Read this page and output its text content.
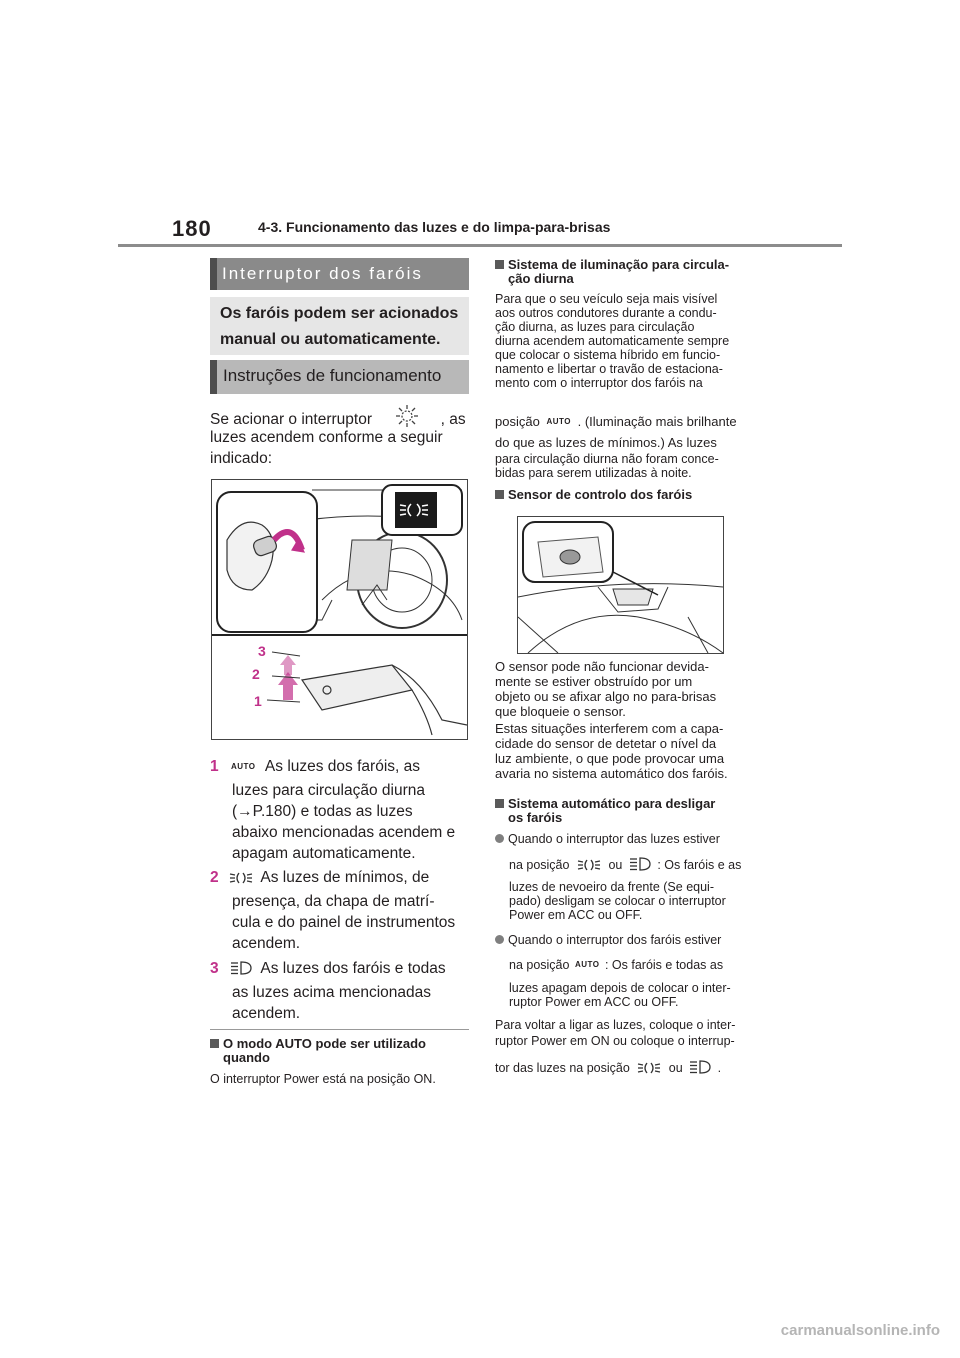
180	4-3. Funcionamento das luzes e do limpa-para-brisas
Interruptor dos faróis
Os faróis podem ser acionados manual ou automaticamente.
Instruções de funcionamento
Se acionar o interruptor	, as
luzes acendem conforme a seguir
indicado:
3
2
1
1 AUTO As luzes dos faróis, as
luzes para circulação diurna
(→P.180) e todas as luzes
abaixo mencionadas acendem e
apagam automaticamente.
2	As luzes de mínimos, de
presença, da chapa de matrí-
cula e do painel de instrumentos
acendem.
3	As luzes dos faróis e todas
as luzes acima mencionadas
acendem.
O modo AUTO pode ser utilizado
quando
O interruptor Power está na posição ON.
Sistema de iluminação para circula-
ção diurna
Para que o seu veículo seja mais visível
aos outros condutores durante a condu-
ção diurna, as luzes para circulação
diurna acendem automaticamente sempre
que colocar o sistema híbrido em funcio-
namento e libertar o travão de estaciona-
mento com o interruptor dos faróis na
posição AUTO . (Iluminação mais brilhante
do que as luzes de mínimos.) As luzes
para circulação diurna não foram conce-
bidas para serem utilizadas à noite.
Sensor de controlo dos faróis
O sensor pode não funcionar devida-
mente se estiver obstruído por um
objeto ou se afixar algo no para-brisas
que bloqueie o sensor.
Estas situações interferem com a capa-
cidade do sensor de detetar o nível da
luz ambiente, o que pode provocar uma
avaria no sistema automático dos faróis.
Sistema automático para desligar
os faróis
Quando o interruptor das luzes estiver
na posição	ou	: Os faróis e as
luzes de nevoeiro da frente (Se equi-
pado) desligam se colocar o interruptor
Power em ACC ou OFF.
Quando o interruptor dos faróis estiver
na posição AUTO : Os faróis e todas as
luzes apagam depois de colocar o inter-
ruptor Power em ACC ou OFF.
Para voltar a ligar as luzes, coloque o inter-
ruptor Power em ON ou coloque o interrup-
tor das luzes na posição	ou	.
carmanualsonline.info
